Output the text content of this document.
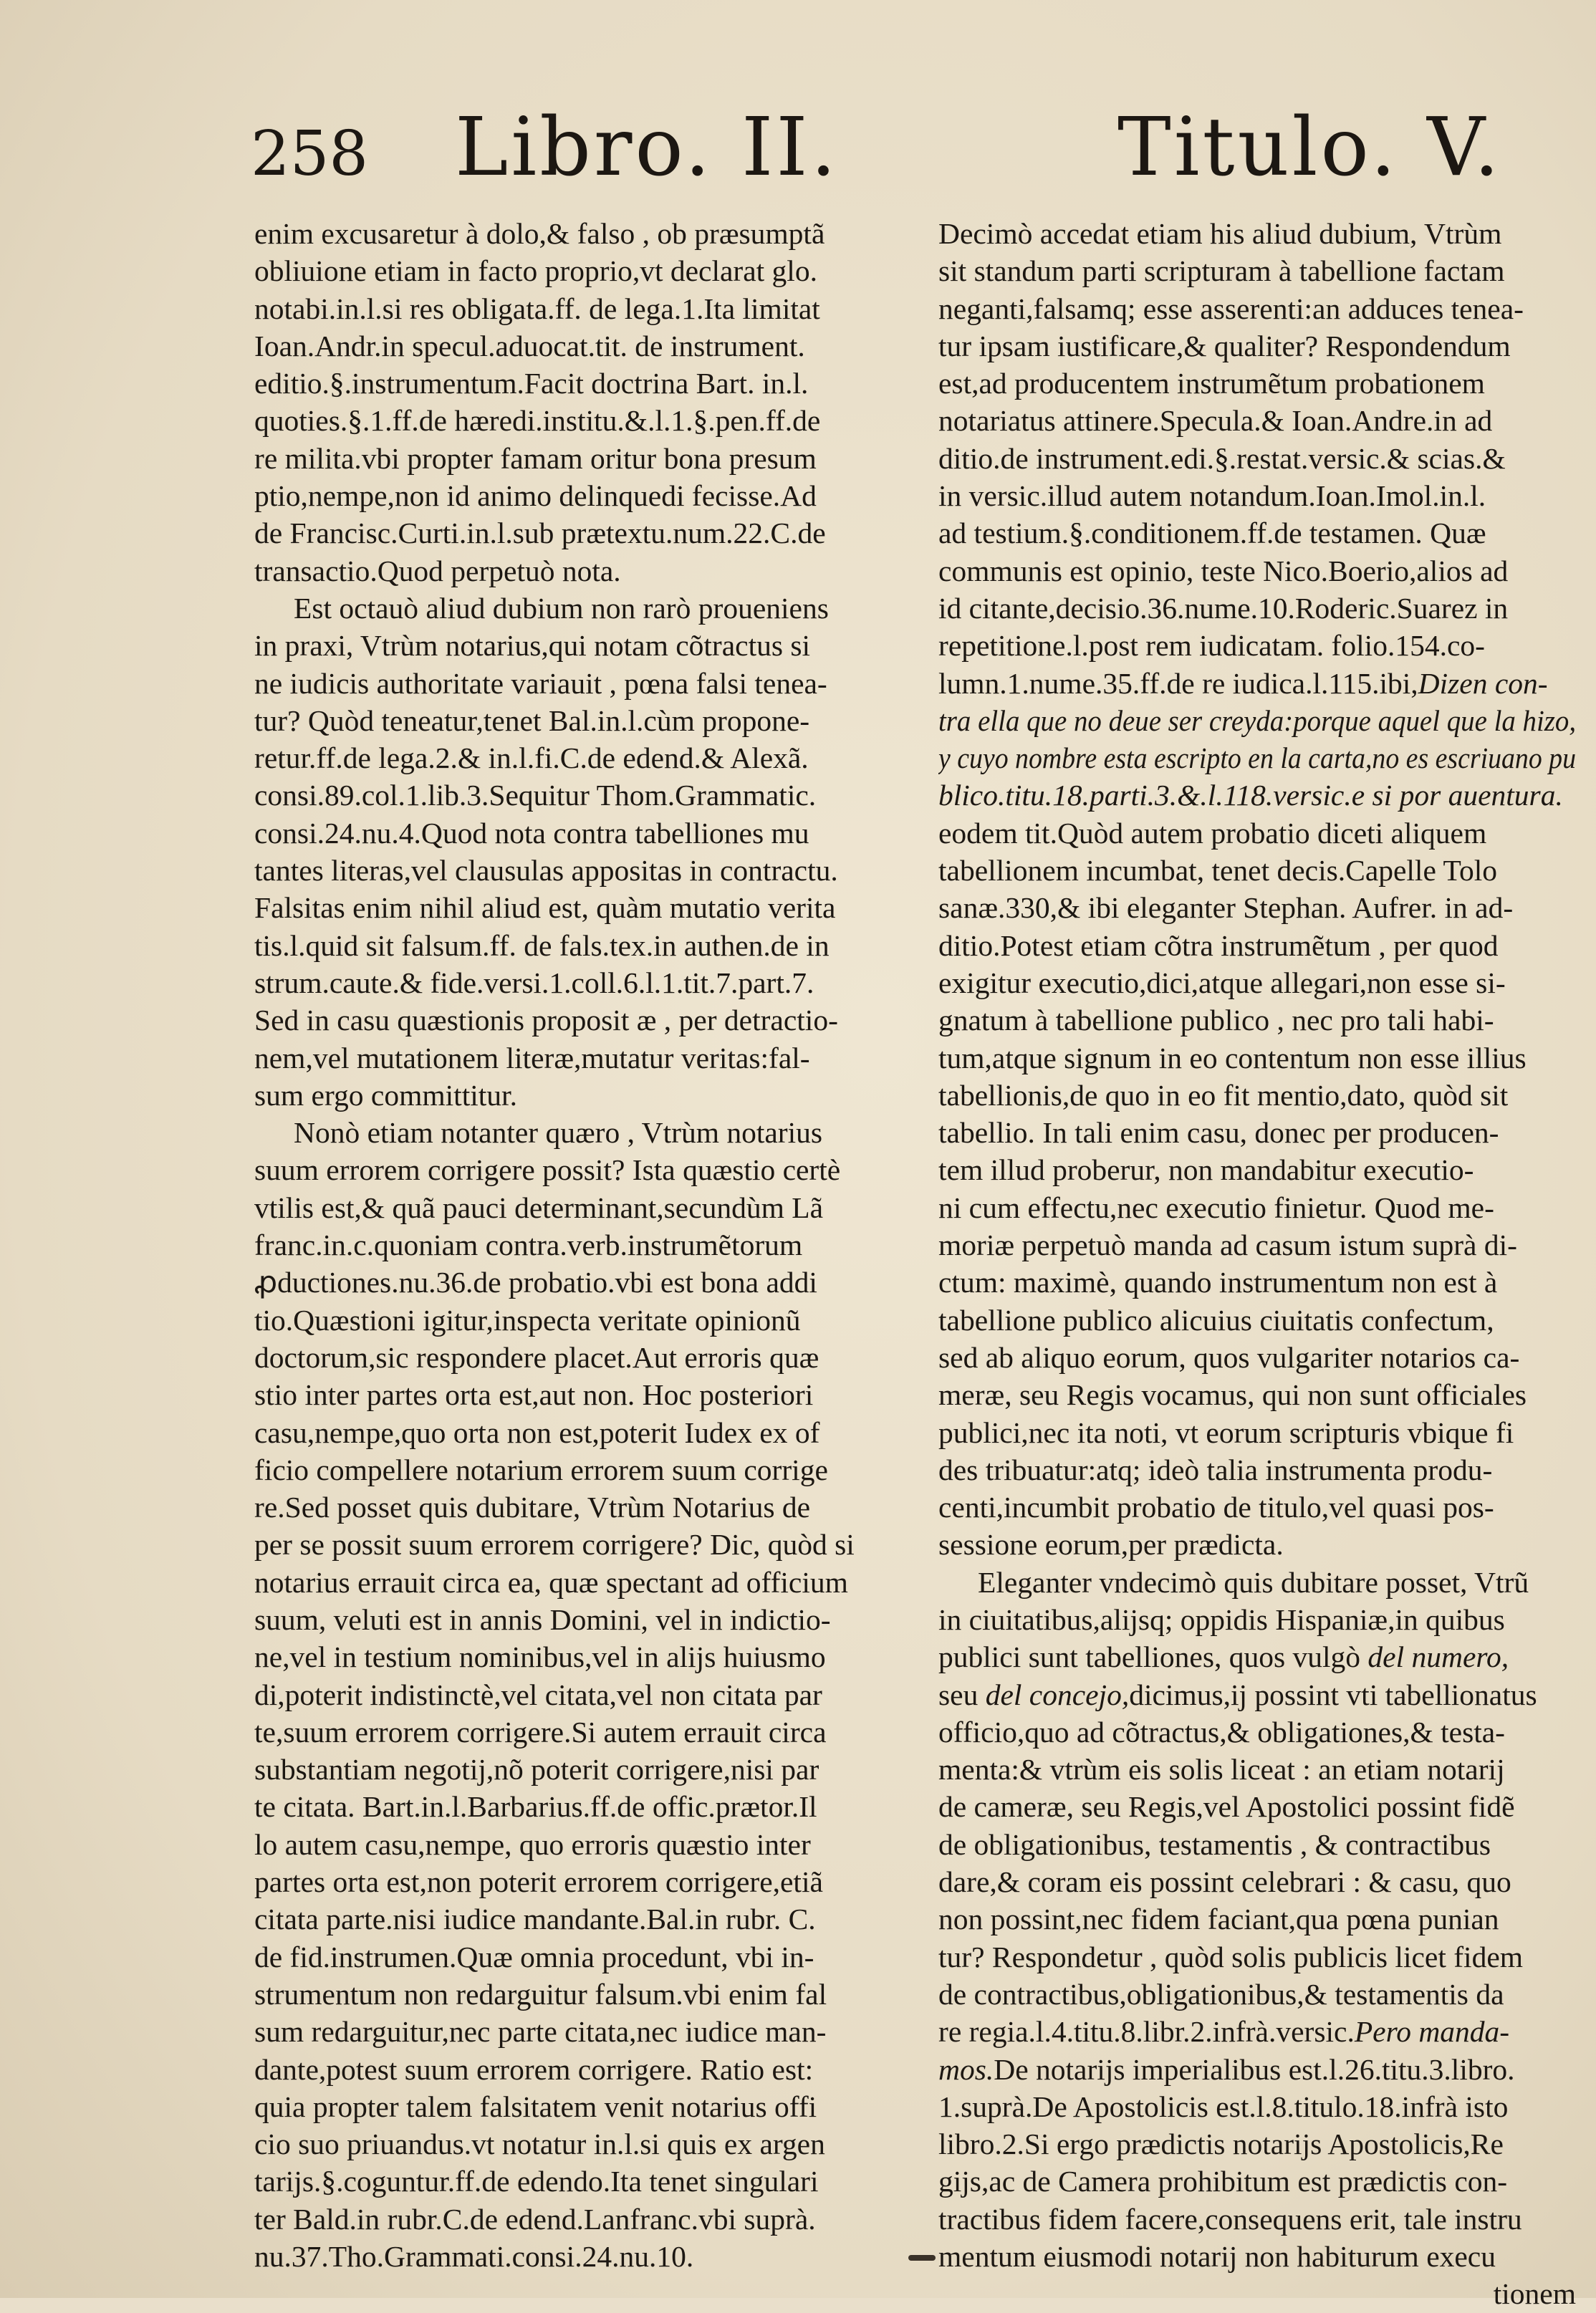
258 Libro. II.	Titulo. V.
enim excusaretur à dolo,& falso , ob præsumptã
obliuione etiam in facto proprio,vt declarat glo.
notabi.in.l.si res obligata.ff. de lega.1.Ita limitat
Ioan.Andr.in specul.aduocat.tit. de instrument.
editio.§.instrumentum.Facit doctrina Bart. in.l.
quoties.§.1.ff.de hæredi.institu.&.l.1.§.pen.ff.de
re milita.vbi propter famam oritur bona presum
ptio,nempe,non id animo delinquedi fecisse.Ad
de Francisc.Curti.in.l.sub prætextu.num.22.C.de
transactio.Quod perpetuò nota.
Est octauò aliud dubium non rarò proueniens
in praxi, Vtrùm notarius,qui notam cõtractus si
ne iudicis authoritate variauit , pœna falsi tenea-
tur? Quòd teneatur,tenet Bal.in.l.cùm propone-
retur.ff.de lega.2.& in.l.fi.C.de edend.& Alexã.
consi.89.col.1.lib.3.Sequitur Thom.Grammatic.
consi.24.nu.4.Quod nota contra tabelliones mu
tantes literas,vel clausulas appositas in contractu.
Falsitas enim nihil aliud est, quàm mutatio verita
tis.l.quid sit falsum.ff. de fals.tex.in authen.de in
strum.caute.& fide.versi.1.coll.6.l.1.tit.7.part.7.
Sed in casu quæstionis proposit æ , per detractio-
nem,vel mutationem literæ,mutatur veritas:fal-
sum ergo committitur.
Nonò etiam notanter quæro , Vtrùm notarius
suum errorem corrigere possit? Ista quæstio certè
vtilis est,& quã pauci determinant,secundùm Lã
franc.in.c.quoniam contra.verb.instrumẽtorum
ꝓductiones.nu.36.de probatio.vbi est bona addi
tio.Quæstioni igitur,inspecta veritate opinionũ
doctorum,sic respondere placet.Aut erroris quæ
stio inter partes orta est,aut non. Hoc posteriori
casu,nempe,quo orta non est,poterit Iudex ex of
ficio compellere notarium errorem suum corrige
re.Sed posset quis dubitare, Vtrùm Notarius de
per se possit suum errorem corrigere? Dic, quòd si
notarius errauit circa ea, quæ spectant ad officium
suum, veluti est in annis Domini, vel in indictio-
ne,vel in testium nominibus,vel in alijs huiusmo
di,poterit indistinctè,vel citata,vel non citata par
te,suum errorem corrigere.Si autem errauit circa
substantiam negotij,nõ poterit corrigere,nisi par
te citata. Bart.in.l.Barbarius.ff.de offic.prætor.Il
lo autem casu,nempe, quo erroris quæstio inter
partes orta est,non poterit errorem corrigere,etiã
citata parte.nisi iudice mandante.Bal.in rubr. C.
de fid.instrumen.Quæ omnia procedunt, vbi in-
strumentum non redarguitur falsum.vbi enim fal
sum redarguitur,nec parte citata,nec iudice man-
dante,potest suum errorem corrigere. Ratio est:
quia propter talem falsitatem venit notarius offi
cio suo priuandus.vt notatur in.l.si quis ex argen
tarijs.§.coguntur.ff.de edendo.Ita tenet singulari
ter Bald.in rubr.C.de edend.Lanfranc.vbi suprà.
nu.37.Tho.Grammati.consi.24.nu.10.
Decimò accedat etiam his aliud dubium, Vtrùm
sit standum parti scripturam à tabellione factam
neganti,falsamq; esse asserenti:an adduces tenea-
tur ipsam iustificare,& qualiter? Respondendum
est,ad producentem instrumẽtum probationem
notariatus attinere.Specula.& Ioan.Andre.in ad
ditio.de instrument.edi.§.restat.versic.& scias.&
in versic.illud autem notandum.Ioan.Imol.in.l.
ad testium.§.conditionem.ff.de testamen. Quæ
communis est opinio, teste Nico.Boerio,alios ad
id citante,decisio.36.nume.10.Roderic.Suarez in
repetitione.l.post rem iudicatam. folio.154.co-
lumn.1.nume.35.ff.de re iudica.l.115.ibi,Dizen con-
tra ella que no deue ser creyda:porque aquel que la hizo,
y cuyo nombre esta escripto en la carta,no es escriuano pu
blico.titu.18.parti.3.&.l.118.versic.e si por auentura.
eodem tit.Quòd autem probatio diceti aliquem
tabellionem incumbat, tenet decis.Capelle Tolo
sanæ.330,& ibi eleganter Stephan. Aufrer. in ad-
ditio.Potest etiam cõtra instrumẽtum , per quod
exigitur executio,dici,atque allegari,non esse si-
gnatum à tabellione publico , nec pro tali habi-
tum,atque signum in eo contentum non esse illius
tabellionis,de quo in eo fit mentio,dato, quòd sit
tabellio. In tali enim casu, donec per producen-
tem illud proberur, non mandabitur executio-
ni cum effectu,nec executio finietur. Quod me-
moriæ perpetuò manda ad casum istum suprà di-
ctum: maximè, quando instrumentum non est à
tabellione publico alicuius ciuitatis confectum,
sed ab aliquo eorum, quos vulgariter notarios ca-
meræ, seu Regis vocamus, qui non sunt officiales
publici,nec ita noti, vt eorum scripturis vbique fi
des tribuatur:atq; ideò talia instrumenta produ-
centi,incumbit probatio de titulo,vel quasi pos-
sessione eorum,per prædicta.
Eleganter vndecimò quis dubitare posset, Vtrũ
in ciuitatibus,alijsq; oppidis Hispaniæ,in quibus
publici sunt tabelliones, quos vulgò del numero,
seu del concejo,dicimus,ij possint vti tabellionatus
officio,quo ad cõtractus,& obligationes,& testa-
menta:& vtrùm eis solis liceat : an etiam notarij
de cameræ, seu Regis,vel Apostolici possint fidẽ
de obligationibus, testamentis , & contractibus
dare,& coram eis possint celebrari : & casu, quo
non possint,nec fidem faciant,qua pœna punian
tur? Respondetur , quòd solis publicis licet fidem
de contractibus,obligationibus,& testamentis da
re regia.l.4.titu.8.libr.2.infrà.versic.Pero manda-
mos.De notarijs imperialibus est.l.26.titu.3.libro.
1.suprà.De Apostolicis est.l.8.titulo.18.infrà isto
libro.2.Si ergo prædictis notarijs Apostolicis,Re
gijs,ac de Camera prohibitum est prædictis con-
tractibus fidem facere,consequens erit, tale instru
mentum eiusmodi notarij non habiturum execu
tionem
